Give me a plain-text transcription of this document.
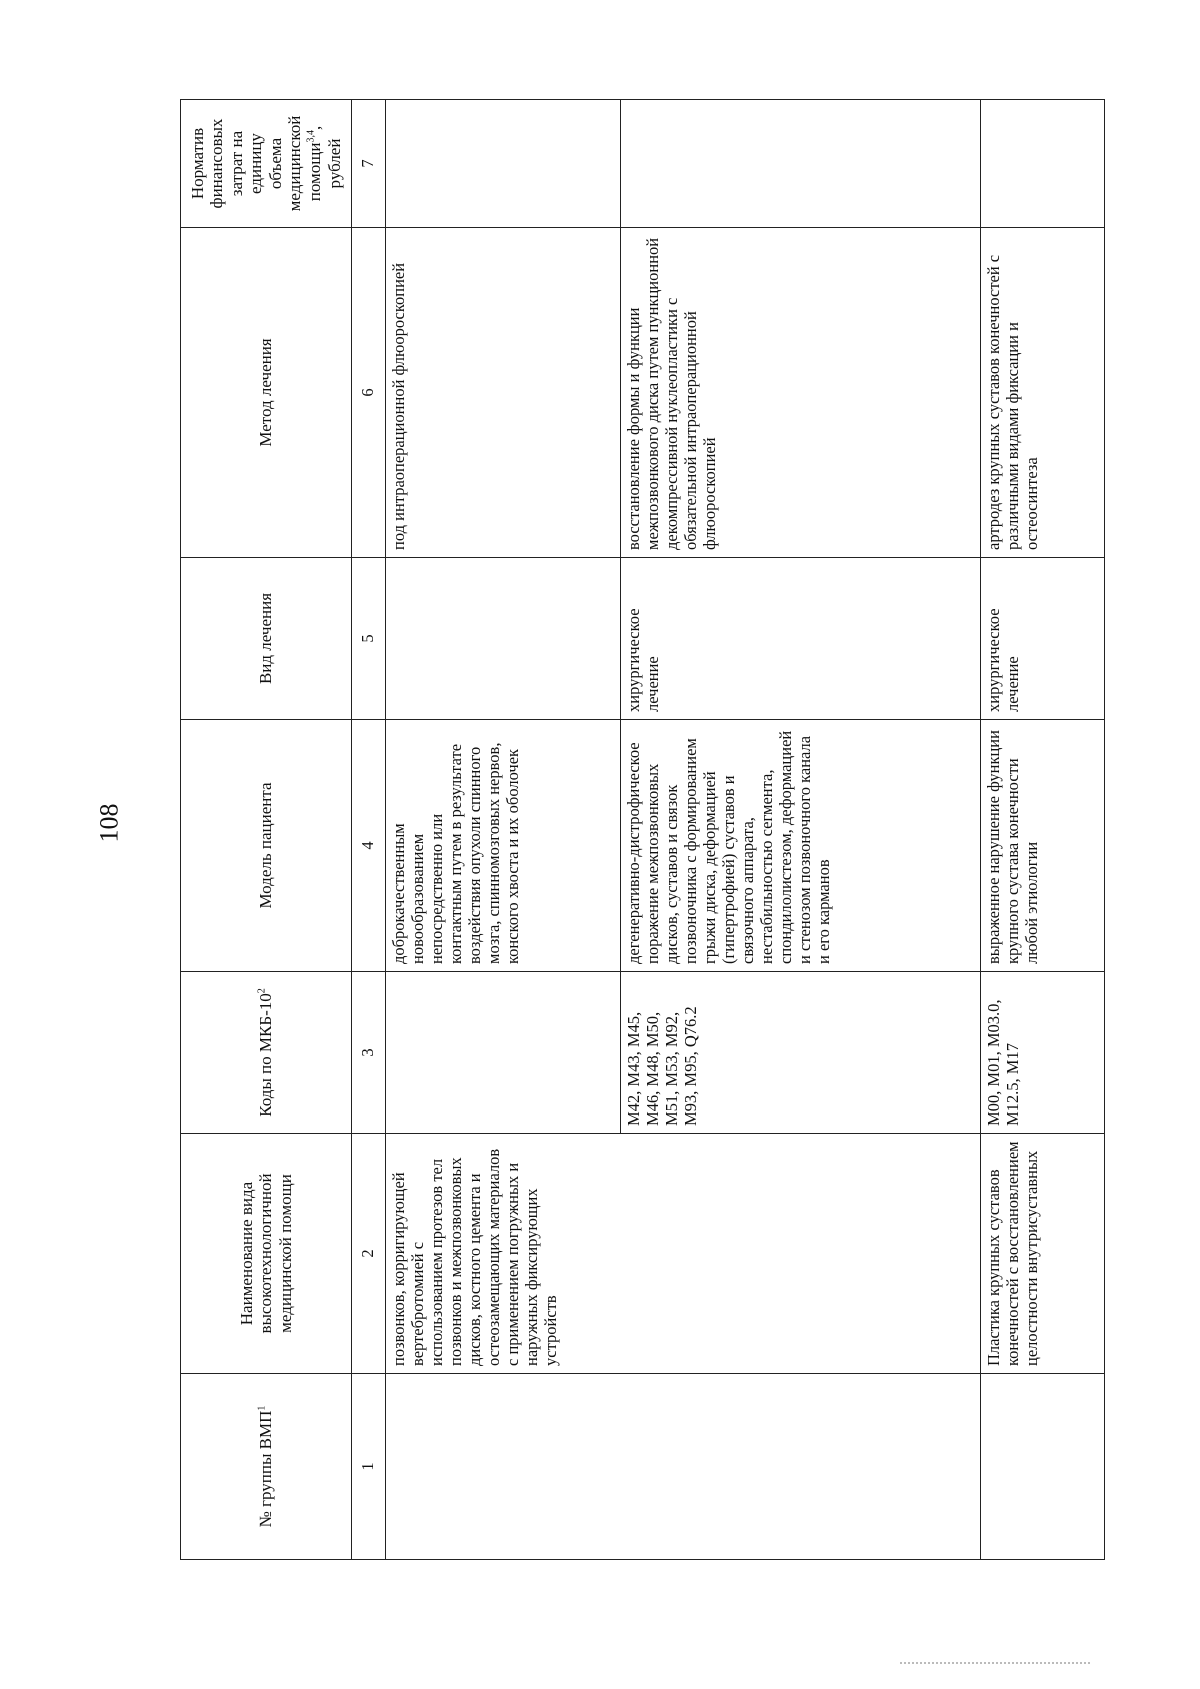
108
№ группы ВМП$^1$	Наименование вида высокотехнологичной медицинской помощи	Коды по МКБ-$10^2$	Модель пациента	Вид лечения	Метод лечения	Норматив финансовых затрат на единицу объема медицинской помощи$^{3,4}$, рублей
1	2	3	4	5	6	7
	позвонков, корригирующей вертебротомией с использованием протезов тел позвонков и межпозвонковых дисков, костного цемента и остеозамещающих материалов с применением погружных и наружных фиксирующих устройств		доброкачественным новообразованием непосредственно или контактным путем в результате воздействия опухоли спинного мозга, спинномозговых нервов, конского хвоста и их оболочек		под интраоперационной флюороскопией	
		M42, M43, M45, M46, M48, M50, M51, M53, M92, M93, M95, Q76.2	дегенеративно-дистрофическое поражение межпозвонковых дисков, суставов и связок позвоночника с формированием грыжи диска, деформацией (гипертрофией) суставов и связочного аппарата, нестабильностью сегмента, спондилолистезом, деформацией и стенозом позвоночного канала и его карманов	хирургическое лечение	восстановление формы и функции межпозвонкового диска путем пункционной декомпрессивной нуклеопластики с обязательной интраоперационной флюороскопией	
	Пластика крупных суставов конечностей с восстановлением целостности внутрисуставных	M00, M01, M03.0, M12.5, M17	выраженное нарушение функции крупного сустава конечности любой этиологии	хирургическое лечение	артродез крупных суставов конечностей с различными видами фиксации и остеосинтеза	
